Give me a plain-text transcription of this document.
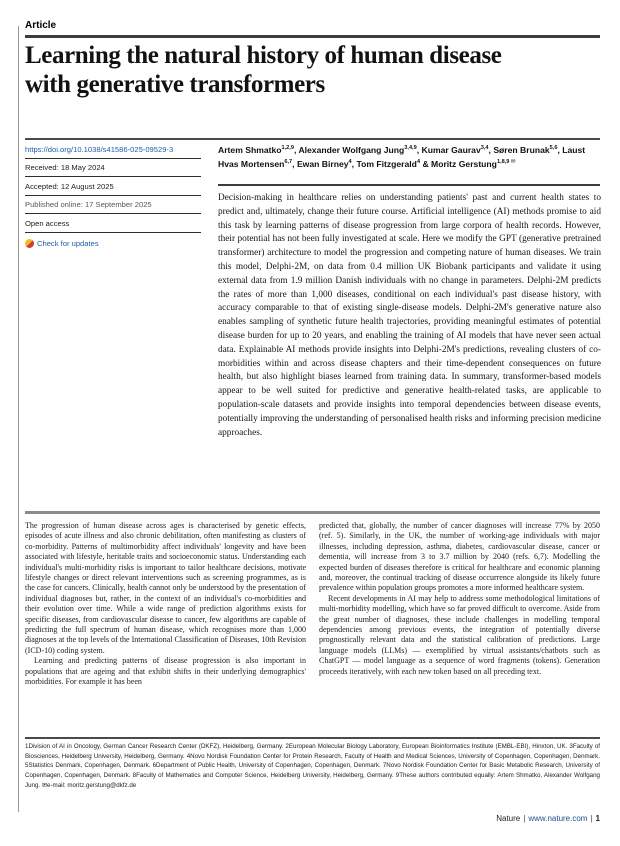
Article
Learning the natural history of human disease with generative transformers
https://doi.org/10.1038/s41586-025-09529-3
Received: 18 May 2024
Accepted: 12 August 2025
Published online: 17 September 2025
Open access
Check for updates
Artem Shmatko$^{1,2,9}$, Alexander Wolfgang Jung$^{3,4,9}$, Kumar Gaurav$^{3,4}$, Søren Brunak$^{5,6}$, Laust Hvas Mortensen$^{6,7}$, Ewan Birney$^4$, Tom Fitzgerald$^4$ & Moritz Gerstung$^{1,8,9 ✉}$
Decision-making in healthcare relies on understanding patients' past and current health states to predict and, ultimately, change their future course. Artificial intelligence (AI) methods promise to aid this task by learning patterns of disease progression from large corpora of health records. However, their potential has not been fully investigated at scale. Here we modify the GPT (generative pretrained transformer) architecture to model the progression and competing nature of human diseases. We train this model, Delphi-2M, on data from 0.4 million UK Biobank participants and validate it using external data from 1.9 million Danish individuals with no change in parameters. Delphi-2M predicts the rates of more than 1,000 diseases, conditional on each individual's past disease history, with accuracy comparable to that of existing single-disease models. Delphi-2M's generative nature also enables sampling of synthetic future health trajectories, providing meaningful estimates of potential disease burden for up to 20 years, and enabling the training of AI models that have never seen actual data. Explainable AI methods provide insights into Delphi-2M's predictions, revealing clusters of co-morbidities within and across disease chapters and their time-dependent consequences on future health, but also highlight biases learned from training data. In summary, transformer-based models appear to be well suited for predictive and generative health-related tasks, are applicable to population-scale datasets and provide insights into temporal dependencies between disease events, potentially improving the understanding of personalised health risks and informing precision medicine approaches.

The progression of human disease across ages is characterised by genetic effects, episodes of acute illness and also chronic debilitation, often manifesting as clusters of co-morbidity. Patterns of multimorbidity affect individuals' longevity and have been associated with lifestyle, heritable traits and socioeconomic status. Understanding each individual's multi-morbidity risks is important to tailor healthcare decisions, motivate lifestyle changes or direct relevant interventions such as screening programmes, as is the case for cancers. Clinically, health cannot only be understood by the presentation of individual diagnoses but, rather, in the context of an individual's co-morbidities and their evolution over time. While a wide range of prediction algorithms exists for specific diseases, from cardiovascular disease to cancer, few algorithms are capable of predicting the full spectrum of human disease, which recognises more than 1,000 diagnoses at the top levels of the International Classification of Diseases, 10th Revision (ICD-10) coding system.

Learning and predicting patterns of disease progression is also important in populations that are ageing and that exhibit shifts in their underlying demographics' morbidities. For example it has been

predicted that, globally, the number of cancer diagnoses will increase 77% by 2050 (ref. 5). Similarly, in the UK, the number of working-age individuals with major illnesses, including depression, asthma, diabetes, cardiovascular disease, cancer or dementia, will increase from 3 to 3.7 million by 2040 (refs. 6,7). Modelling the expected burden of diseases therefore is critical for healthcare and economic planning and, moreover, the continual tracking of disease occurrence alongside its likely future prevalence within population groups promotes a more informed healthcare system.

Recent developments in AI may help to address some methodological limitations of multi-morbidity modelling, which have so far proved difficult to overcome. Aside from the great number of diagnoses, these include challenges in modelling temporal dependencies among previous events, the integration of potentially diverse prognostically relevant data and the statistical calibration of predictions. Large language models (LLMs) — exemplified by virtual assistants/chatbots such as ChatGPT — model language as a sequence of word fragments (tokens). Generation proceeds iteratively, with each new token based on all preceding text.

1Division of AI in Oncology, German Cancer Research Center (DKFZ), Heidelberg, Germany. 2European Molecular Biology Laboratory, European Bioinformatics Institute (EMBL-EBI), Hinxton, UK. 3Faculty of Biosciences, Heidelberg University, Heidelberg, Germany. 4Novo Nordisk Foundation Center for Protein Research, Faculty of Health and Medical Sciences, University of Copenhagen, Copenhagen, Denmark. 5Statistics Denmark, Copenhagen, Denmark. 6Department of Public Health, University of Copenhagen, Copenhagen, Denmark. 7Novo Nordisk Foundation Center for Basic Metabolic Research, University of Copenhagen, Copenhagen, Denmark. 8Faculty of Mathematics and Computer Science, Heidelberg University, Heidelberg, Germany. 9These authors contributed equally: Artem Shmatko, Alexander Wolfgang Jung. ✉e-mail: moritz.gerstung@dkfz.de
Nature | www.nature.com | 1
